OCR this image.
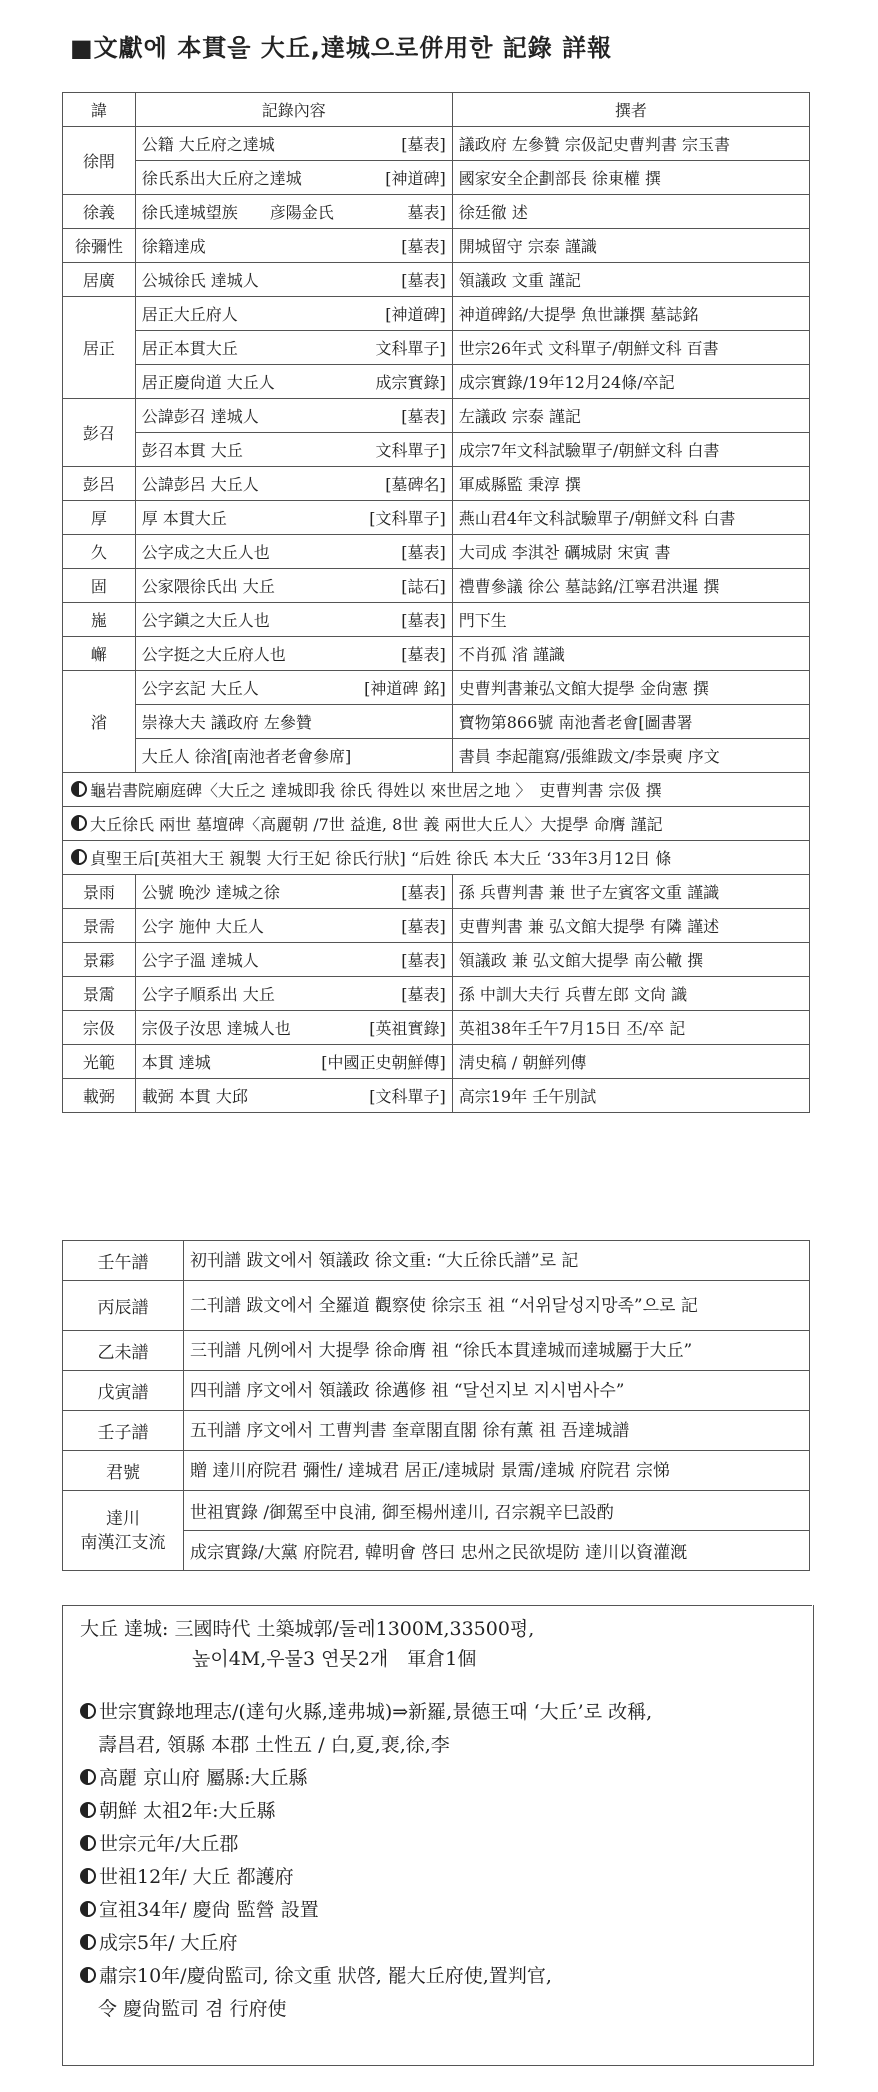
■文獻에 本貫을 大丘,達城으로併用한 記錄 詳報
諱	記錄內容	撰者
徐閈	公籍 大丘府之達城 [墓表]	議政府 左參贊 宗伋記史曹判書 宗玉書

	徐氏系出大丘府之達城 [神道碑]	國家安全企劃部長 徐東權 撰
徐義	徐氏達城望族　　彦陽金氏 墓表]	徐廷徹 述
徐彌性	徐籍達成 [墓表]	開城留守 宗泰 謹識
居廣	公城徐氏 達城人 [墓表]	領議政 文重 謹記
居正	居正大丘府人 [神道碑]	神道碑銘/大提學 魚世謙撰 墓誌銘

	居正本貫大丘 文科單子]	世宗26年式 文科單子/朝鮮文科 百書

	居正慶尙道 大丘人 成宗實錄]	成宗實錄/19年12月24條/卒記
彭召	公諱彭召 達城人 [墓表]	左議政 宗泰 謹記

	彭召本貫 大丘 文科單子]	成宗7年文科試驗單子/朝鮮文科 白書
彭呂	公諱彭呂 大丘人 [墓碑名]	軍威縣監 秉淳 撰
厚	厚 本貫大丘 [文科單子]	燕山君4年文科試驗單子/朝鮮文科 白書
久	公字成之大丘人也 [墓表]	大司成 李淇찬 礪城尉 宋寅 書
固	公家隈徐氏出 大丘 [誌石]	禮曹參議 徐公 墓誌銘/江寧君洪暹 撰
崺	公字鎭之大丘人也 [墓表]	門下生
嶰	公字挺之大丘府人也 [墓表]	不肖孤 渻 謹識
渻	公字玄記 大丘人 [神道碑 銘]	史曹判書兼弘文館大提學 金尙憲 撰

	崇祿大夫 議政府 左參贊	寶物第866號 南池耆老會[圖書署

	大丘人 徐渻[南池者老會參席]	書員 李起龍寫/張維跋文/李景奭 序文
龜岩書院廟庭碑〈大丘之 達城即我 徐氏 得姓以 來世居之地 〉　吏曹判書 宗伋 撰		
大丘徐氏 兩世 墓壇碑〈高麗朝 /7世 益進, 8世 義 兩世大丘人〉大提學 命膺 謹記		
貞聖王后[英祖大王 親製 大行王妃 徐氏行狀] “后姓 徐氏 本大丘 ‘33年3月12日 條		
景雨	公號 晩沙 達城之徐 [墓表]	孫 兵曹判書 兼 世子左賓客文重 謹識
景需	公字 施仲 大丘人 [墓表]	吏曹判書 兼 弘文館大提學 有隣 謹述
景霦	公字子溫 達城人 [墓表]	領議政 兼 弘文館大提學 南公轍 撰
景霌	公字子順系出 大丘 [墓表]	孫 中訓大夫行 兵曹左郎 文尙 識
宗伋	宗伋子汝思 達城人也 [英祖實錄]	英祖38年壬午7月15日 丕/卒 記
光範	本貫 達城 [中國正史朝鮮傳]	淸史稿 / 朝鮮列傳
載弼	載弼 本貫 大邱 [文科單子]	高宗19年 壬午別試
壬午譜	初刊譜 跋文에서 領議政 徐文重: “大丘徐氏譜”로 記
丙辰譜	二刊譜 跋文에서 全羅道 觀察使 徐宗玉 祖 “서위달성지망족”으로 記
乙未譜	三刊譜 凡例에서 大提學 徐命膺 祖 “徐氏本貫達城而達城屬于大丘”
戊寅譜	四刊譜 序文에서 領議政 徐邁修 祖 “달선지보 지시범사수”
壬子譜	五刊譜 序文에서 工曹判書 奎章閣直閣 徐有薰 祖 吾達城譜
君號	贈 達川府院君 彌性/ 達城君 居正/達城尉 景霌/達城 府院君 宗悌

達川
南漢江支流	世祖實錄 /御駕至中良浦, 御至楊州達川, 召宗親辛巳設酌
	成宗實錄/大黨 府院君, 韓明會 啓曰 忠州之民欲堤防 達川以資灌漑
大丘 達城: 三國時代 土築城郭/둘레1300M,33500평,
높이4M,우물3 연못2개　軍倉1個
世宗實錄地理志/(達句火縣,達弗城)⇒新羅,景德王때 ‘大丘’로 改稱,
壽昌君, 領縣 本郡 土性五 / 白,夏,裵,徐,李
高麗 京山府 屬縣:大丘縣
朝鮮 太祖2年:大丘縣
世宗元年/大丘郡
世祖12年/ 大丘 都護府
宣祖34年/ 慶尙 監營 設置
成宗5年/ 大丘府
肅宗10年/慶尙監司, 徐文重 狀啓, 罷大丘府使,置判官,
令 慶尙監司 겸 行府使
